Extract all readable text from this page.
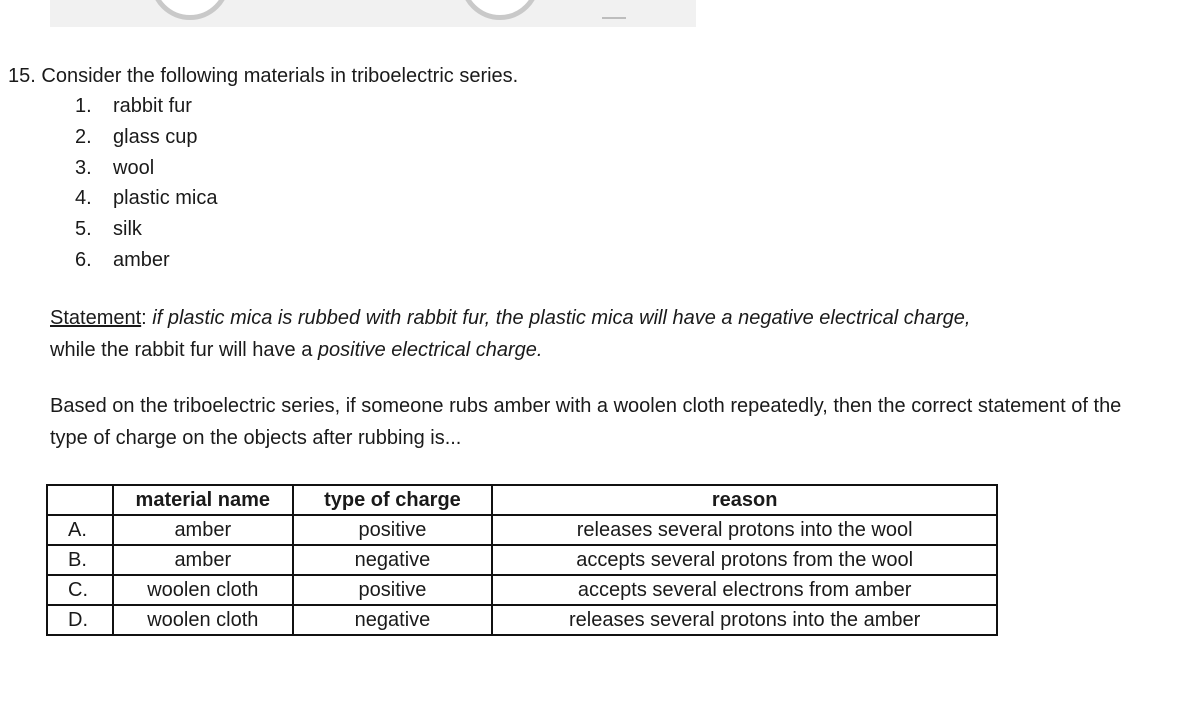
15. Consider the following materials in triboelectric series.
1.	rabbit fur
2.	glass cup
3.	wool
4.	plastic mica
5.	silk
6.	amber

Statement: if plastic mica is rubbed with rabbit fur, the plastic mica will have a negative electrical charge,
while the rabbit fur will have a positive electrical charge.

Based on the triboelectric series, if someone rubs amber with a woolen cloth repeatedly, then the correct statement of the type of charge on the objects after rubbing is...

	material name	type of charge	reason
A.	amber	positive	releases several protons into the wool
B.	amber	negative	accepts several protons from the wool
C.	woolen cloth	positive	accepts several electrons from amber
D.	woolen cloth	negative	releases several protons into the amber
